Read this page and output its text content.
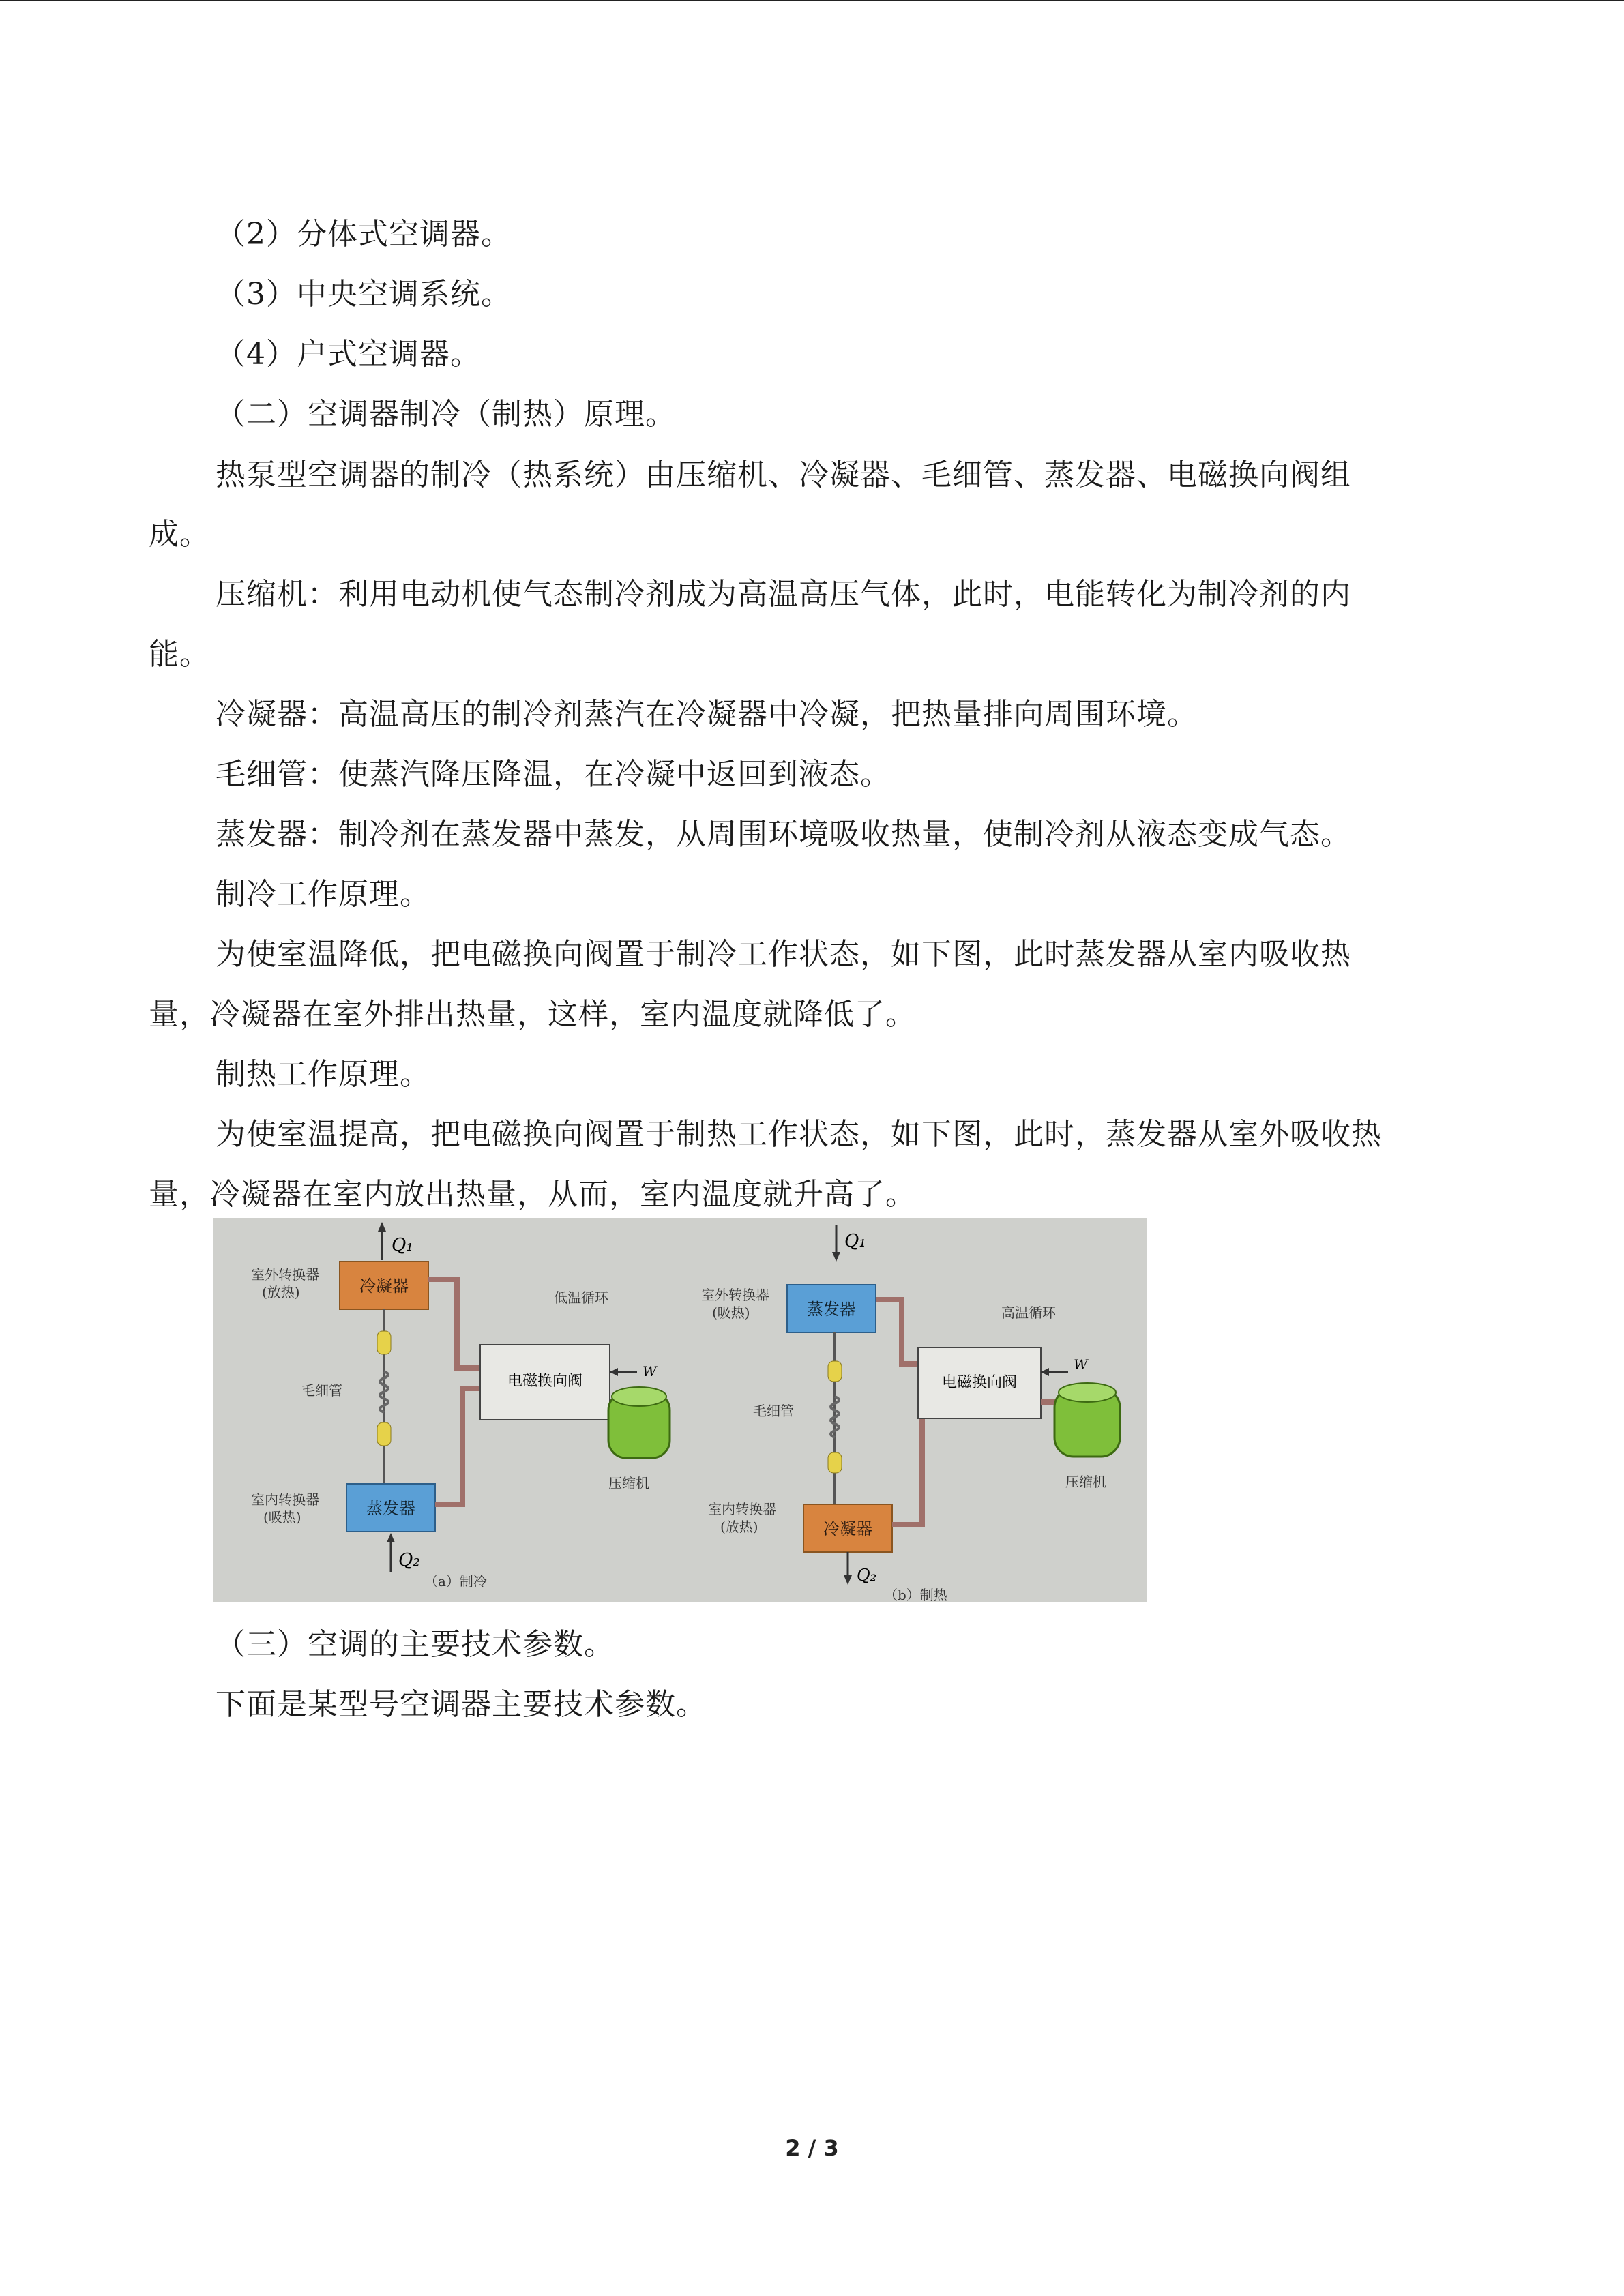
（2）分体式空调器。
（3）中央空调系统。
（4）户式空调器。
（二）空调器制冷（制热）原理。
热泵型空调器的制冷（热系统）由压缩机、冷凝器、毛细管、蒸发器、电磁换向阀组
成。
压缩机：利用电动机使气态制冷剂成为高温高压气体，此时，电能转化为制冷剂的内
能。
冷凝器：高温高压的制冷剂蒸汽在冷凝器中冷凝，把热量排向周围环境。
毛细管：使蒸汽降压降温，在冷凝中返回到液态。
蒸发器：制冷剂在蒸发器中蒸发，从周围环境吸收热量，使制冷剂从液态变成气态。
制冷工作原理。
为使室温降低，把电磁换向阀置于制冷工作状态，如下图，此时蒸发器从室内吸收热
量，冷凝器在室外排出热量，这样，室内温度就降低了。
制热工作原理。
为使室温提高，把电磁换向阀置于制热工作状态，如下图，此时，蒸发器从室外吸收热
量，冷凝器在室内放出热量，从而，室内温度就升高了。
Q₁
冷凝器
室外转换器
(放热)
毛细管
蒸发器
室内转换器
(吸热)
Q₂
低温循环
电磁换向阀
W
压缩机
（a）制冷
Q₁
蒸发器
室外转换器
(吸热)
毛细管
冷凝器
室内转换器
(放热)
Q₂
高温循环
电磁换向阀
W
压缩机
（b）制热
（三）空调的主要技术参数。
下面是某型号空调器主要技术参数。
2 / 3
